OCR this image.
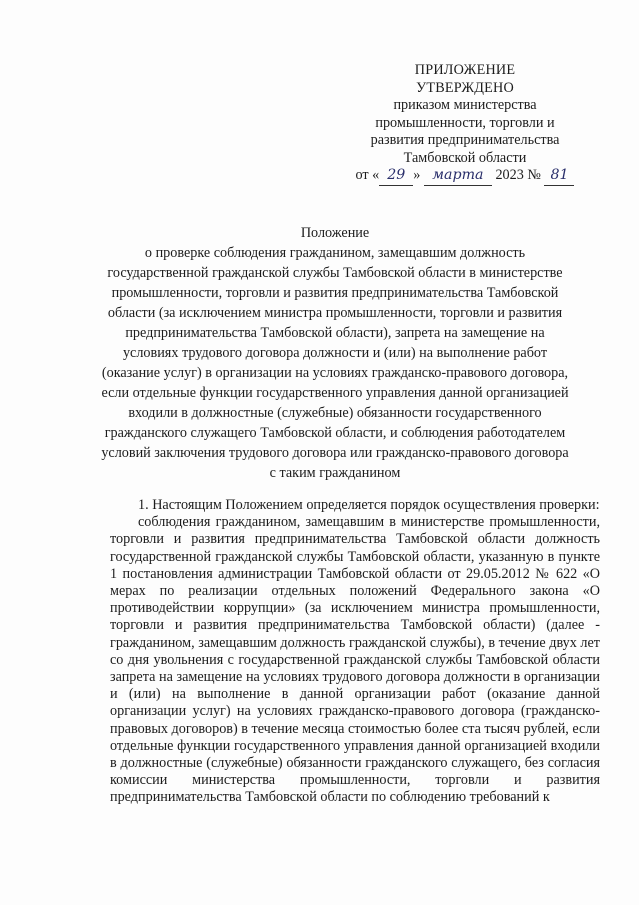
ПРИЛОЖЕНИЕ
УТВЕРЖДЕНО
приказом министерства
промышленности, торговли и
развития предпринимательства
Тамбовской области
от « 29 » марта 2023 № 81
Положение
о проверке соблюдения гражданином, замещавшим должность
государственной гражданской службы Тамбовской области в министерстве
промышленности, торговли и развития предпринимательства Тамбовской
области (за исключением министра промышленности, торговли и развития
предпринимательства Тамбовской области), запрета на замещение на
условиях трудового договора должности и (или) на выполнение работ
(оказание услуг) в организации на условиях гражданско-правового договора,
если отдельные функции государственного управления данной организацией
входили в должностные (служебные) обязанности государственного
гражданского служащего Тамбовской области, и соблюдения работодателем
условий заключения трудового договора или гражданско-правового договора
с таким гражданином

1. Настоящим Положением определяется порядок осуществления проверки:

соблюдения гражданином, замещавшим в министерстве промышленности, торговли и развития предпринимательства Тамбовской области должность государственной гражданской службы Тамбовской области, указанную в пункте 1 постановления администрации Тамбовской области от 29.05.2012 № 622 «О мерах по реализации отдельных положений Федерального закона «О противодействии коррупции» (за исключением министра промышленности, торговли и развития предпринимательства Тамбовской области) (далее - гражданином, замещавшим должность гражданской службы), в течение двух лет со дня увольнения с государственной гражданской службы Тамбовской области запрета на замещение на условиях трудового договора должности в организации и (или) на выполнение в данной организации работ (оказание данной организации услуг) на условиях гражданско-правового договора (гражданско-правовых договоров) в течение месяца стоимостью более ста тысяч рублей, если отдельные функции государственного управления данной организацией входили в должностные (служебные) обязанности гражданского служащего, без согласия комиссии министерства промышленности, торговли и развития предпринимательства Тамбовской области по соблюдению требований к
